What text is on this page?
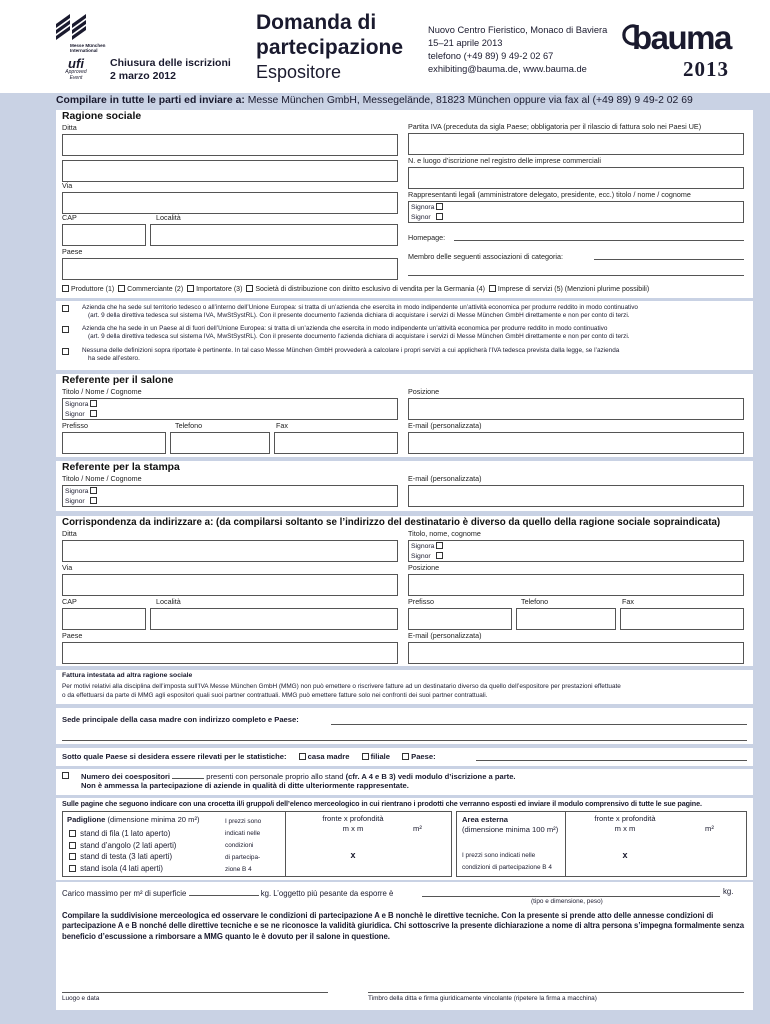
Messe München
International
ufi
Approved
Event
Chiusura delle iscrizioni
2 marzo 2012
Domanda di
partecipazione
Espositore
Nuovo Centro Fieristico, Monaco di Baviera
15–21 aprile 2013
telefono (+49 89) 9 49-2 02 67
exhibiting@bauma.de, www.bauma.de
bauma
2013
Compilare in tutte le parti ed inviare a: Messe München GmbH, Messegelände, 81823 München oppure via fax al (+49 89) 9 49-2 02 69
Ragione sociale
Ditta
Via
CAP	Località
Paese
Partita IVA (preceduta da sigla Paese; obbligatoria per il rilascio di fattura solo nei Paesi UE)
N. e luogo d’iscrizione nel registro delle imprese commerciali
Rappresentanti legali (amministratore delegato, presidente, ecc.) titolo / nome / cognome
Signora
Signor
Homepage:
Membro delle seguenti associazioni di categoria:
Produttore (1) Commerciante (2) Importatore (3) Società di distribuzione con diritto esclusivo di vendita per la Germania (4) Imprese di servizi (5) (Menzioni plurime possibili)
Azienda che ha sede sul territorio tedesco o all’interno dell’Unione Europea: si tratta di un’azienda che esercita in modo indipendente un’attività economica per produrre reddito in modo continuativo
(art. 9 della direttiva tedesca sul sistema IVA, MwStSystRL). Con il presente documento l’azienda dichiara di acquistare i servizi di Messe München GmbH direttamente e non per conto di terzi.
Azienda che ha sede in un Paese al di fuori dell’Unione Europea: si tratta di un’azienda che esercita in modo indipendente un’attività economica per produrre reddito in modo continuativo
(art. 9 della direttiva tedesca sul sistema IVA, MwStSystRL). Con il presente documento l’azienda dichiara di acquistare i servizi di Messe München GmbH direttamente e non per conto di terzi.
Nessuna delle definizioni sopra riportate è pertinente. In tal caso Messe München GmbH provvederà a calcolare i propri servizi a cui applicherà l’IVA tedesca prevista dalla legge, se l’azienda
ha sede all’estero.
Referente per il salone
Titolo / Nome / Cognome	Posizione
Signora
Signor
Prefisso	Telefono	Fax	E-mail (personalizzata)
Referente per la stampa
Titolo / Nome / Cognome	E-mail (personalizzata)
Signora
Signor
Corrispondenza da indirizzare a: (da compilarsi soltanto se l’indirizzo del destinatario è diverso da quello della ragione sociale sopraindicata)
Ditta	Titolo, nome, cognome
Signora
Signor
Via	Posizione
CAP	Località	Prefisso	Telefono	Fax
Paese	E-mail (personalizzata)
Fattura intestata ad altra ragione sociale
Per motivi relativi alla disciplina dell’imposta sull’IVA Messe München GmbH (MMG) non può emettere o riscrivere fatture ad un destinatario diverso da quello dell’espositore per prestazioni effettuate
o da effettuarsi da parte di MMG agli espositori quali suoi partner contrattuali. MMG può emettere fatture solo nei confronti dei suoi partner contrattuali.
Sede principale della casa madre con indirizzo completo e Paese:
Sotto quale Paese si desidera essere rilevati per le statistiche:	casa madre	filiale	Paese:
Numero dei coespositori	presenti con personale proprio allo stand (cfr. A 4 e B 3) vedi modulo d’iscrizione a parte.
Non è ammessa la partecipazione di aziende in qualità di ditte ulteriormente rappresentate.
Sulle pagine che seguono indicare con una crocetta il/i gruppo/i dell’elenco merceologico in cui rientrano i prodotti che verranno esposti ed inviare il modulo comprensivo di tutte le sue pagine.
Padiglione (dimensione minima 20 m²)
stand di fila (1 lato aperto)
stand d’angolo (2 lati aperti)
stand di testa (3 lati aperti)
stand isola (4 lati aperti)
I prezzi sono
indicati nelle
condizioni
di partecipa-
zione B 4
fronte x profondità
m x m	m²
x
Area esterna
(dimensione minima 100 m²)
I prezzi sono indicati nelle
condizioni di partecipazione B 4
fronte x profondità
m x m	m²
x
Carico massimo per m² di superficie	kg. L’oggetto più pesante da esporre è	kg.
(tipo e dimensione, peso)
Compilare la suddivisione merceologica ed osservare le condizioni di partecipazione A e B nonchè le direttive tecniche. Con la presente si prende atto delle annesse condizioni di partecipazione A e B nonché delle direttive tecniche e se ne riconosce la validità giuridica. Chi sottoscrive la presente dichiarazione a nome di altra persona s’impegna formalmente senza beneficio d’escussione a rimborsare a MMG quanto le è dovuto per il salone in questione.
Luogo e data	Timbro della ditta e firma giuridicamente vincolante (ripetere la firma a macchina)
